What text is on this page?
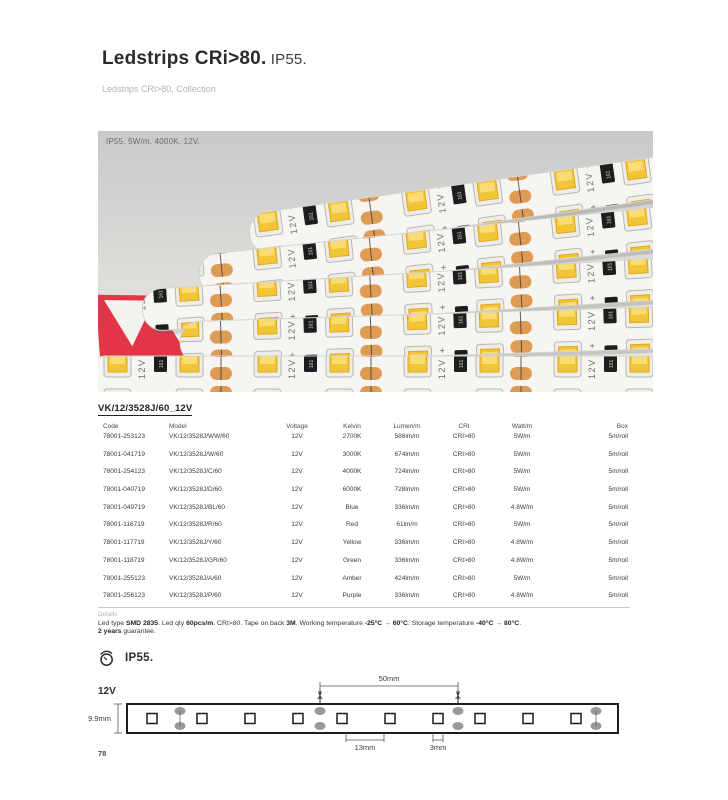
Ledstrips CRi>80. IP55.
Ledstrips CRi>80, Collection
IP55. 5W/m. 4000K. 12V.
VK/12/3528J/60_12V
Code	Model	Voltage	Kelvin	Lumen/m	CRI	Watt/m	Box
78001-253123	VK/12/3528J/WW/60	12V	2700K	586lm/m	CRI>80	5W/m	5m/roll
78001-041719	VK/12/3528J/W/60	12V	3000K	674lm/m	CRI>80	5W/m	5m/roll
78001-254123	VK/12/3528J/C/60	12V	4000K	724lm/m	CRI>80	5W/m	5m/roll
78001-040719	VK/12/3528J/D/60	12V	6000K	728lm/m	CRI>80	5W/m	5m/roll
78001-049719	VK/12/3528J/BL/60	12V	Blue	336lm/m	CRI>80	4.8W/m	5m/roll
78001-116719	VK/12/3528J/R/60	12V	Red	61lm/m	CRI>80	5W/m	5m/roll
78001-117719	VK/12/3528J/Y/60	12V	Yellow	336lm/m	CRI>80	4.8W/m	5m/roll
78001-118719	VK/12/3528J/GR/60	12V	Green	336lm/m	CRI>80	4.8W/m	5m/roll
78001-255123	VK/12/3528J/A/60	12V	Amber	424lm/m	CRI>80	5W/m	5m/roll
78001-256123	VK/12/3528J/P/60	12V	Purple	336lm/m	CRI>80	4.8W/m	5m/roll
Details
Led type SMD 2835. Led qty 60pcs/m. CRI>80. Tape on back 3M. Working temperature -25°C → 60°C. Storage temperature -40°C → 80°C.
2 years guarantee.
IP55.
12V
50mm
✂	✂
9.9mm
13mm	3mm
78
